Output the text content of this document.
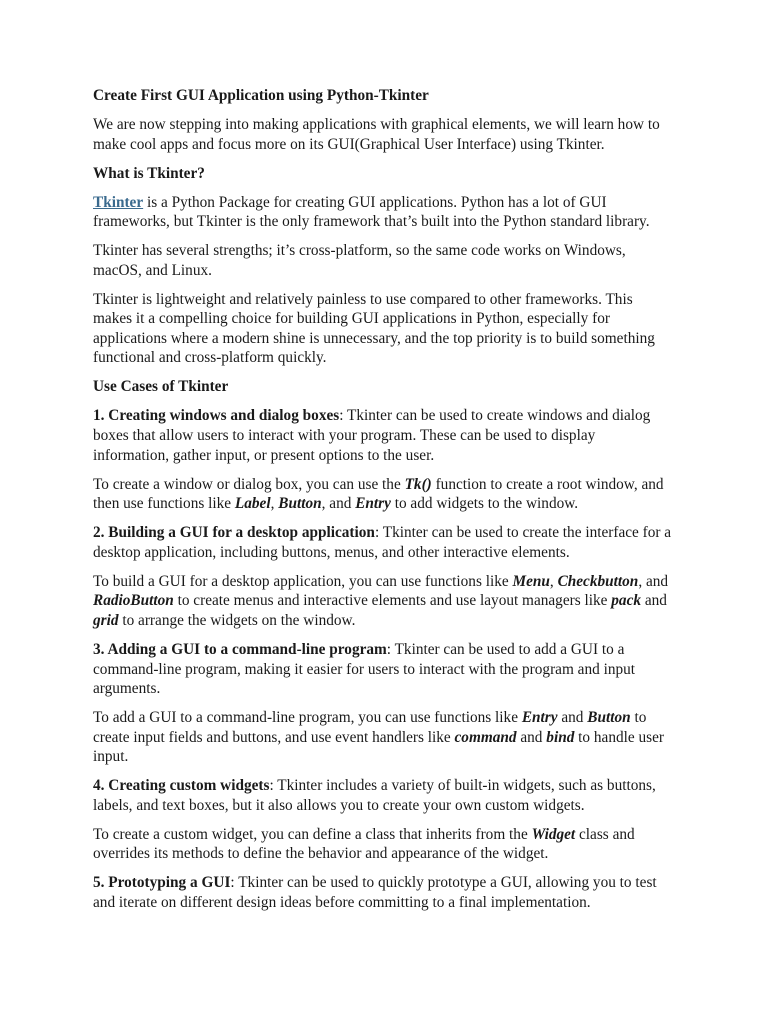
Create First GUI Application using Python-Tkinter

We are now stepping into making applications with graphical elements, we will learn how to make cool apps and focus more on its GUI(Graphical User Interface) using Tkinter.

What is Tkinter?

Tkinter is a Python Package for creating GUI applications. Python has a lot of GUI frameworks, but Tkinter is the only framework that’s built into the Python standard library.

Tkinter has several strengths; it’s cross-platform, so the same code works on Windows, macOS, and Linux.

Tkinter is lightweight and relatively painless to use compared to other frameworks. This makes it a compelling choice for building GUI applications in Python, especially for applications where a modern shine is unnecessary, and the top priority is to build something functional and cross-platform quickly.

Use Cases of Tkinter

1. Creating windows and dialog boxes: Tkinter can be used to create windows and dialog boxes that allow users to interact with your program. These can be used to display information, gather input, or present options to the user.

To create a window or dialog box, you can use the Tk() function to create a root window, and then use functions like Label, Button, and Entry to add widgets to the window.

2. Building a GUI for a desktop application: Tkinter can be used to create the interface for a desktop application, including buttons, menus, and other interactive elements.

To build a GUI for a desktop application, you can use functions like Menu, Checkbutton, and RadioButton to create menus and interactive elements and use layout managers like pack and grid to arrange the widgets on the window.

3. Adding a GUI to a command-line program: Tkinter can be used to add a GUI to a command-line program, making it easier for users to interact with the program and input arguments.

To add a GUI to a command-line program, you can use functions like Entry and Button to create input fields and buttons, and use event handlers like command and bind to handle user input.

4. Creating custom widgets: Tkinter includes a variety of built-in widgets, such as buttons, labels, and text boxes, but it also allows you to create your own custom widgets.

To create a custom widget, you can define a class that inherits from the Widget class and overrides its methods to define the behavior and appearance of the widget.

5. Prototyping a GUI: Tkinter can be used to quickly prototype a GUI, allowing you to test and iterate on different design ideas before committing to a final implementation.
